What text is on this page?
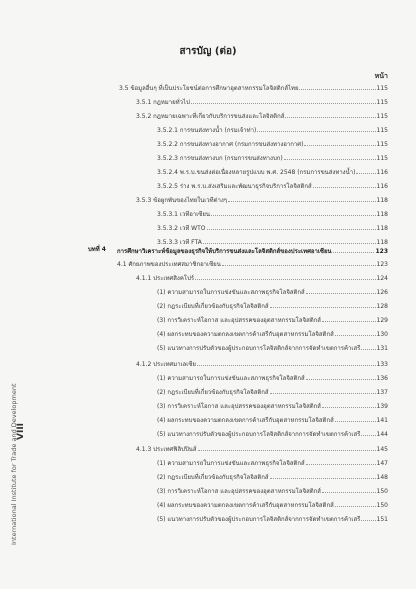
สารบัญ (ต่อ)
หน้า
บทที่ 4
3.5 ข้อมูลอื่นๆ ที่เป็นประโยชน์ต่อการศึกษาอุตสาหกรรมโลจิสติกส์ไทย	115
3.5.1 กฎหมายทั่วไป	115
3.5.2 กฎหมายเฉพาะที่เกี่ยวกับบริการขนส่งและโลจิสติกส์	115
3.5.2.1 การขนส่งทางน้ำ (กรมเจ้าท่า)	115
3.5.2.2 การขนส่งทางอากาศ (กรมการขนส่งทางอากาศ)	115
3.5.2.3 การขนส่งทางบก (กรมการขนส่งทางบก)	115
3.5.2.4 พ.ร.บ.ขนส่งต่อเนื่องหลายรูปแบบ พ.ศ. 2548 (กรมการขนส่งทางน้ำ)	116
3.5.2.5 ร่าง พ.ร.บ.ส่งเสริมและพัฒนาธุรกิจบริการโลจิสติกส์	116
3.5.3 ข้อผูกพันของไทยในเวทีต่างๆ	118
3.5.3.1 เวทีอาเซียน	118
3.5.3.2 เวที WTO	118
3.5.3.3 เวที FTA	118
การศึกษาวิเคราะห์ข้อมูลของธุรกิจให้บริการขนส่งและโลจิสติกส์ของประเทศอาเซียน	123
4.1 ศักยภาพของประเทศสมาชิกอาเซียน	123
4.1.1 ประเทศสิงคโปร์	124
(1) ความสามารถในการแข่งขันและสภาพธุรกิจโลจิสติกส์	126
(2) กฎระเบียบที่เกี่ยวข้องกับธุรกิจโลจิสติกส์	128
(3) การวิเคราะห์โอกาส และอุปสรรคของอุตสาหกรรมโลจิสติกส์	129
(4) ผลกระทบของความตกลงเขตการค้าเสรีกับอุตสาหกรรมโลจิสติกส์	130
(5) แนวทางการปรับตัวของผู้ประกอบการโลจิสติกส์จากการจัดทำเขตการค้าเสรี	131
4.1.2 ประเทศมาเลเซีย	133
(1) ความสามารถในการแข่งขันและสภาพธุรกิจโลจิสติกส์	136
(2) กฎระเบียบที่เกี่ยวข้องกับธุรกิจโลจิสติกส์	137
(3) การวิเคราะห์โอกาส และอุปสรรคของอุตสาหกรรมโลจิสติกส์	139
(4) ผลกระทบของความตกลงเขตการค้าเสรีกับอุตสาหกรรมโลจิสติกส์	141
(5) แนวทางการปรับตัวของผู้ประกอบการโลจิสติกส์จากการจัดทำเขตการค้าเสรี	144
4.1.3 ประเทศฟิลิปปินส์	145
(1) ความสามารถในการแข่งขันและสภาพธุรกิจโลจิสติกส์	147
(2) กฎระเบียบที่เกี่ยวข้องกับธุรกิจโลจิสติกส์	148
(3) การวิเคราะห์โอกาส และอุปสรรคของอุตสาหกรรมโลจิสติกส์	150
(4) ผลกระทบของความตกลงเขตการค้าเสรีกับอุตสาหกรรมโลจิสติกส์	150
(5) แนวทางการปรับตัวของผู้ประกอบการโลจิสติกส์จากการจัดทำเขตการค้าเสรี	151
VIII
International Institute for Trade and Development
